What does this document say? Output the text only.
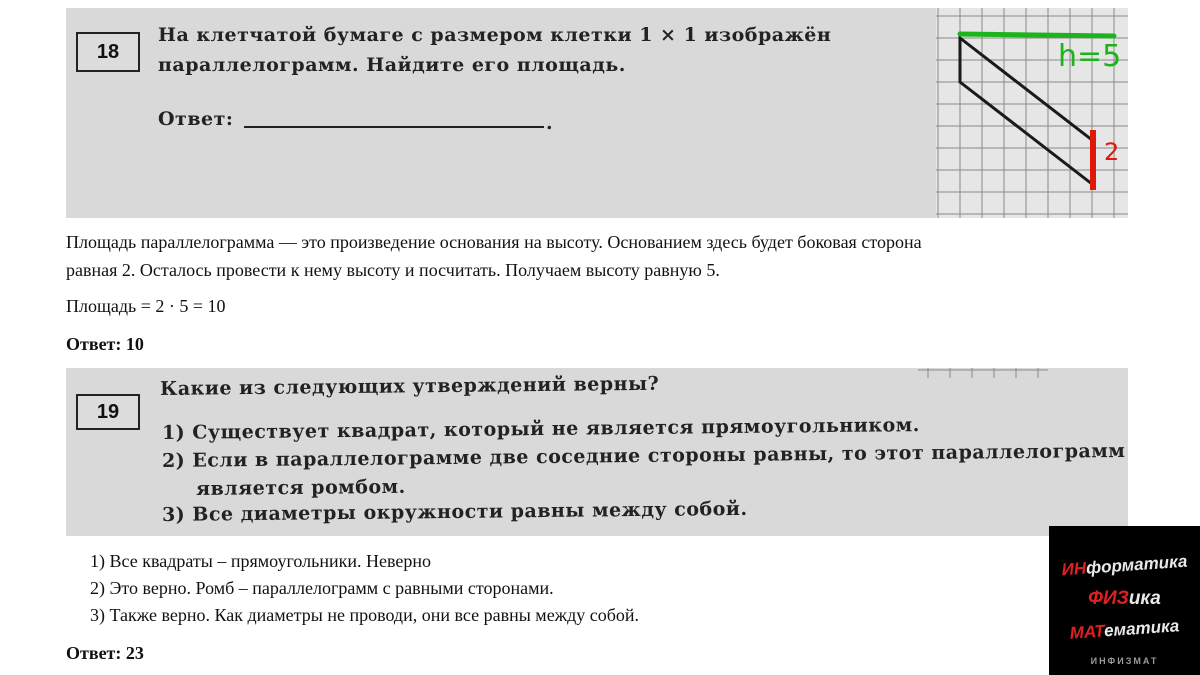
18
На клетчатой бумаге с размером клетки 1 × 1 изображён
параллелограмм. Найдите его площадь.
Ответ:	.
h=5
2
Площадь параллелограмма — это произведение основания на высоту. Основанием здесь будет боковая сторона
равная 2. Осталось провести к нему высоту и посчитать. Получаем высоту равную 5.
Площадь = 2 · 5 = 10
Ответ: 10
19
Какие из следующих утверждений верны?
1) Существует квадрат, который не является прямоугольником.
2) Если в параллелограмме две соседние стороны равны, то этот параллелограмм
является ромбом.
3) Все диаметры окружности равны между собой.
1) Все квадраты – прямоугольники. Неверно
2) Это верно. Ромб – параллелограмм с равными сторонами.
3) Также верно. Как диаметры не проводи, они все равны между собой.
Ответ: 23
ИНформатика
ФИЗика
МАТематика
ИНФИЗМАТ
